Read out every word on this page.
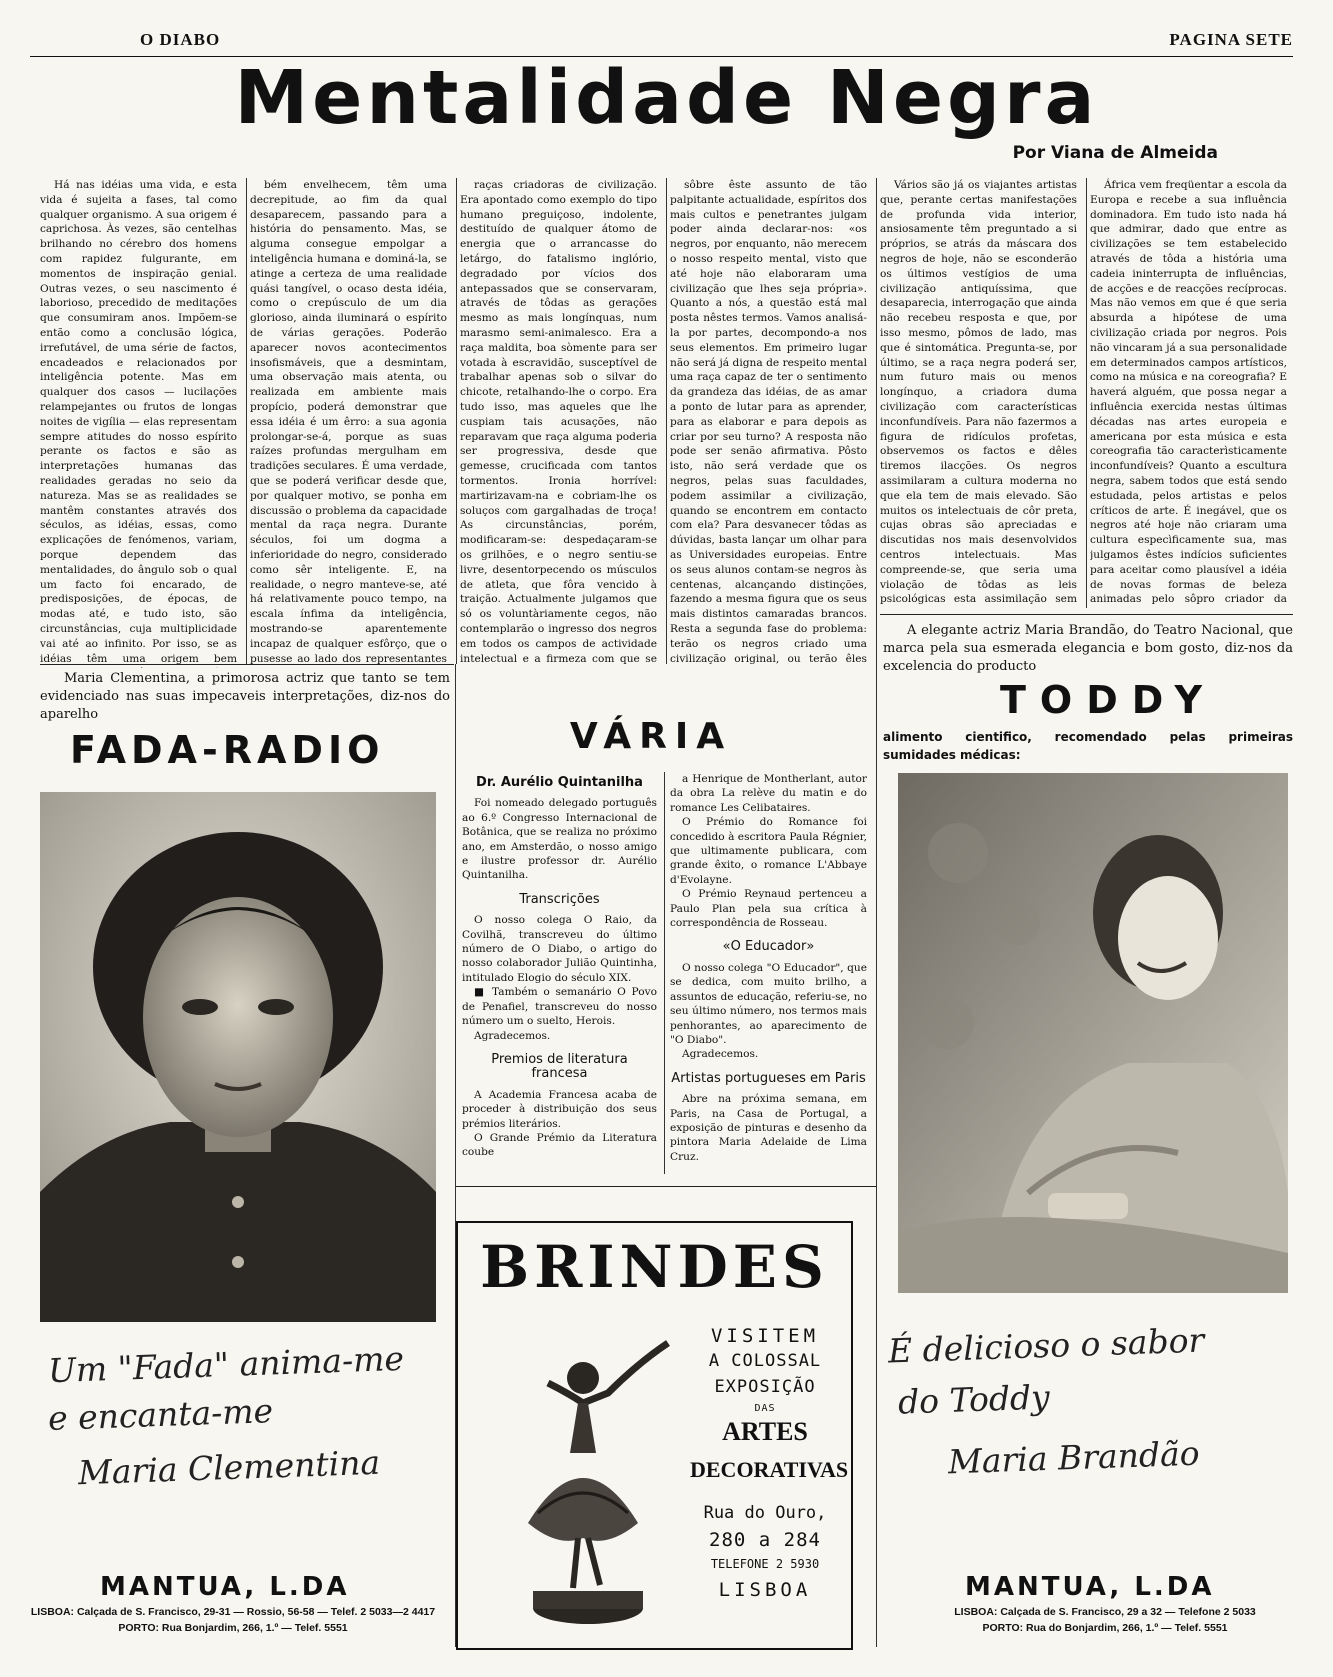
O DIABO	PAGINA SETE
Mentalidade Negra
Por Viana de Almeida

Há nas idéias uma vida, e esta vida é sujeita a fases, tal como qualquer organismo. A sua origem é caprichosa. Às vezes, são centelhas brilhando no cérebro dos homens com rapidez fulgurante, em momentos de inspiração genial. Outras vezes, o seu nascimento é laborioso, precedido de meditações que consumiram anos. Impõem-se então como a conclusão lógica, irrefutável, de uma série de factos, encadeados e relacionados por inteligência potente. Mas em qualquer dos casos — lucilações relampejantes ou frutos de longas noites de vigília — elas representam sempre atitudes do nosso espírito perante os factos e são as interpretações humanas das realidades geradas no seio da natureza. Mas se as realidades se mantêm constantes através dos séculos, as idéias, essas, como explicações de fenómenos, variam, porque dependem das mentalidades, do ângulo sob o qual um facto foi encarado, de predisposições, de épocas, de modas até, e tudo isto, são circunstâncias, cuja multiplicidade vai até ao infinito. Por isso, se as idéias têm uma origem bem

bém envelhecem, têm uma decrepitude, ao fim da qual desaparecem, passando para a história do pensamento. Mas, se alguma consegue empolgar a inteligência humana e dominá-la, se atinge a certeza de uma realidade quási tangível, o ocaso desta idéia, como o crepúsculo de um dia glorioso, ainda iluminará o espírito de várias gerações. Poderão aparecer novos acontecimentos insofismáveis, que a desmintam, uma observação mais atenta, ou realizada em ambiente mais propício, poderá demonstrar que essa idéia é um êrro: a sua agonia prolongar-se-á, porque as suas raízes profundas mergulham em tradições seculares. É uma verdade, que se poderá verificar desde que, por qualquer motivo, se ponha em discussão o problema da capacidade mental da raça negra. Durante séculos, foi um dogma a inferioridade do negro, considerado como sêr inteligente. E, na realidade, o negro manteve-se, até há relativamente pouco tempo, na escala ínfima da inteligência, mostrando-se aparentemente incapaz de qualquer esfôrço, que o pusesse ao lado dos representantes

raças criadoras de civilização. Era apontado como exemplo do tipo humano preguiçoso, indolente, destituído de qualquer átomo de energia que o arrancasse do letárgo, do fatalismo inglório, degradado por vícios dos antepassados que se conservaram, através de tôdas as gerações mesmo as mais longínquas, num marasmo semi-animalesco. Era a raça maldita, boa sòmente para ser votada à escravidão, susceptível de trabalhar apenas sob o silvar do chicote, retalhando-lhe o corpo. Era tudo isso, mas aqueles que lhe cuspiam tais acusações, não reparavam que raça alguma poderia ser progressiva, desde que gemesse, crucificada com tantos tormentos. Ironia horrível: martirizavam-na e cobriam-lhe os soluços com gargalhadas de troça! As circunstâncias, porém, modificaram-se: despedaçaram-se os grilhões, e o negro sentiu-se livre, desentorpecendo os músculos de atleta, que fôra vencido à traição. Actualmente julgamos que só os voluntàriamente cegos, não contemplarão o ingresso dos negros em todos os campos de actividade intelectual e a firmeza com que se

sôbre êste assunto de tão palpitante actualidade, espíritos dos mais cultos e penetrantes julgam poder ainda declarar-nos: «os negros, por enquanto, não merecem o nosso respeito mental, visto que até hoje não elaboraram uma civilização que lhes seja própria». Quanto a nós, a questão está mal posta nêstes termos. Vamos analisá-la por partes, decompondo-a nos seus elementos. Em primeiro lugar não será já digna de respeito mental uma raça capaz de ter o sentimento da grandeza das idéias, de as amar a ponto de lutar para as aprender, para as elaborar e para depois as criar por seu turno? A resposta não pode ser senão afirmativa. Pôsto isto, não será verdade que os negros, pelas suas faculdades, podem assimilar a civilização, quando se encontrem em contacto com ela? Para desvanecer tôdas as dúvidas, basta lançar um olhar para as Universidades europeias. Entre os seus alunos contam-se negros às centenas, alcançando distinções, fazendo a mesma figura que os seus mais distintos camaradas brancos. Resta a segunda fase do problema: terão os negros criado uma civilização original, ou terão êles

Vários são já os viajantes artistas que, perante certas manifestações de profunda vida interior, ansiosamente têm preguntado a si próprios, se atrás da máscara dos negros de hoje, não se esconderão os últimos vestígios de uma civilização antiquíssima, que desaparecia, interrogação que ainda não recebeu resposta e que, por isso mesmo, pômos de lado, mas que é sintomática. Pregunta-se, por último, se a raça negra poderá ser, num futuro mais ou menos longínquo, a criadora duma civilização com características inconfundíveis. Para não fazermos a figura de ridículos profetas, observemos os factos e dêles tiremos ilacções. Os negros assimilaram a cultura moderna no que ela tem de mais elevado. São muitos os intelectuais de côr preta, cujas obras são apreciadas e discutidas nos mais desenvolvidos centros intelectuais. Mas compreende-se, que seria uma violação de tôdas as leis psicológicas esta assimilação sem

África vem freqüentar a escola da Europa e recebe a sua influência dominadora. Em tudo isto nada há que admirar, dado que entre as civilizações se tem estabelecido através de tôda a história uma cadeia ininterrupta de influências, de acções e de reacções recíprocas. Mas não vemos em que é que seria absurda a hipótese de uma civilização criada por negros. Pois não vincaram já a sua personalidade em determinados campos artísticos, como na música e na coreografia? E haverá alguém, que possa negar a influência exercida nestas últimas décadas nas artes europeia e americana por esta música e esta coreografia tão caracterìsticamente inconfundíveis? Quanto a escultura negra, sabem todos que está sendo estudada, pelos artistas e pelos críticos de arte. É inegável, que os negros até hoje não criaram uma cultura especìficamente sua, mas julgamos êstes indícios suficientes para aceitar como plausível a idéia de novas formas de beleza animadas pelo sôpro criador da

Maria Clementina, a primorosa actriz que tanto se tem evidenciado nas suas impecaveis interpretações, diz-nos do aparelho
FADA-RADIO
Um "Fada" anima-me
e encanta-me
Maria Clementina
MANTUA, L.DA
LISBOA: Calçada de S. Francisco, 29-31 — Rossio, 56-58 — Telef. 2 5033—2 4417
PORTO: Rua Bonjardim, 266, 1.º — Telef. 5551
VÁRIA
Dr. Aurélio Quintanilha

Foi nomeado delegado português ao 6.º Congresso Internacional de Botânica, que se realiza no próximo ano, em Amsterdão, o nosso amigo e ilustre professor dr. Aurélio Quintanilha.

Transcrições

O nosso colega O Raio, da Covilhã, transcreveu do último número de O Diabo, o artigo do nosso colaborador Julião Quintinha, intitulado Elogio do século XIX.

■ Também o semanário O Povo de Penafiel, transcreveu do nosso número um o suelto, Herois.

Agradecemos.

Premios de literatura francesa

A Academia Francesa acaba de proceder à distribuição dos seus prémios literários.

O Grande Prémio da Literatura coube

a Henrique de Montherlant, autor da obra La relève du matin e do romance Les Celibataires.

O Prémio do Romance foi concedido à escritora Paula Régnier, que ultimamente publicara, com grande êxito, o romance L'Abbaye d'Evolayne.

O Prémio Reynaud pertenceu a Paulo Plan pela sua crítica à correspondência de Rosseau.

«O Educador»

O nosso colega "O Educador", que se dedica, com muito brilho, a assuntos de educação, referiu-se, no seu último número, nos termos mais penhorantes, ao aparecimento de "O Diabo".

Agradecemos.

Artistas portugueses em Paris

Abre na próxima semana, em Paris, na Casa de Portugal, a exposição de pinturas e desenho da pintora Maria Adelaide de Lima Cruz.

BRINDES
VISITEM
A COLOSSAL
EXPOSIÇÃO
DAS
ARTES
DECORATIVAS
Rua do Ouro,
280 a 284
TELEFONE 2 5930
LISBOA
A elegante actriz Maria Brandão, do Teatro Nacional, que marca pela sua esmerada elegancia e bom gosto, diz-nos da excelencia do producto
TODDY
alimento cientifico, recomendado pelas primeiras sumidades médicas:
É delicioso o sabor
do Toddy
Maria Brandão
MANTUA, L.DA
LISBOA: Calçada de S. Francisco, 29 a 32 — Telefone 2 5033
PORTO: Rua do Bonjardim, 266, 1.º — Telef. 5551
